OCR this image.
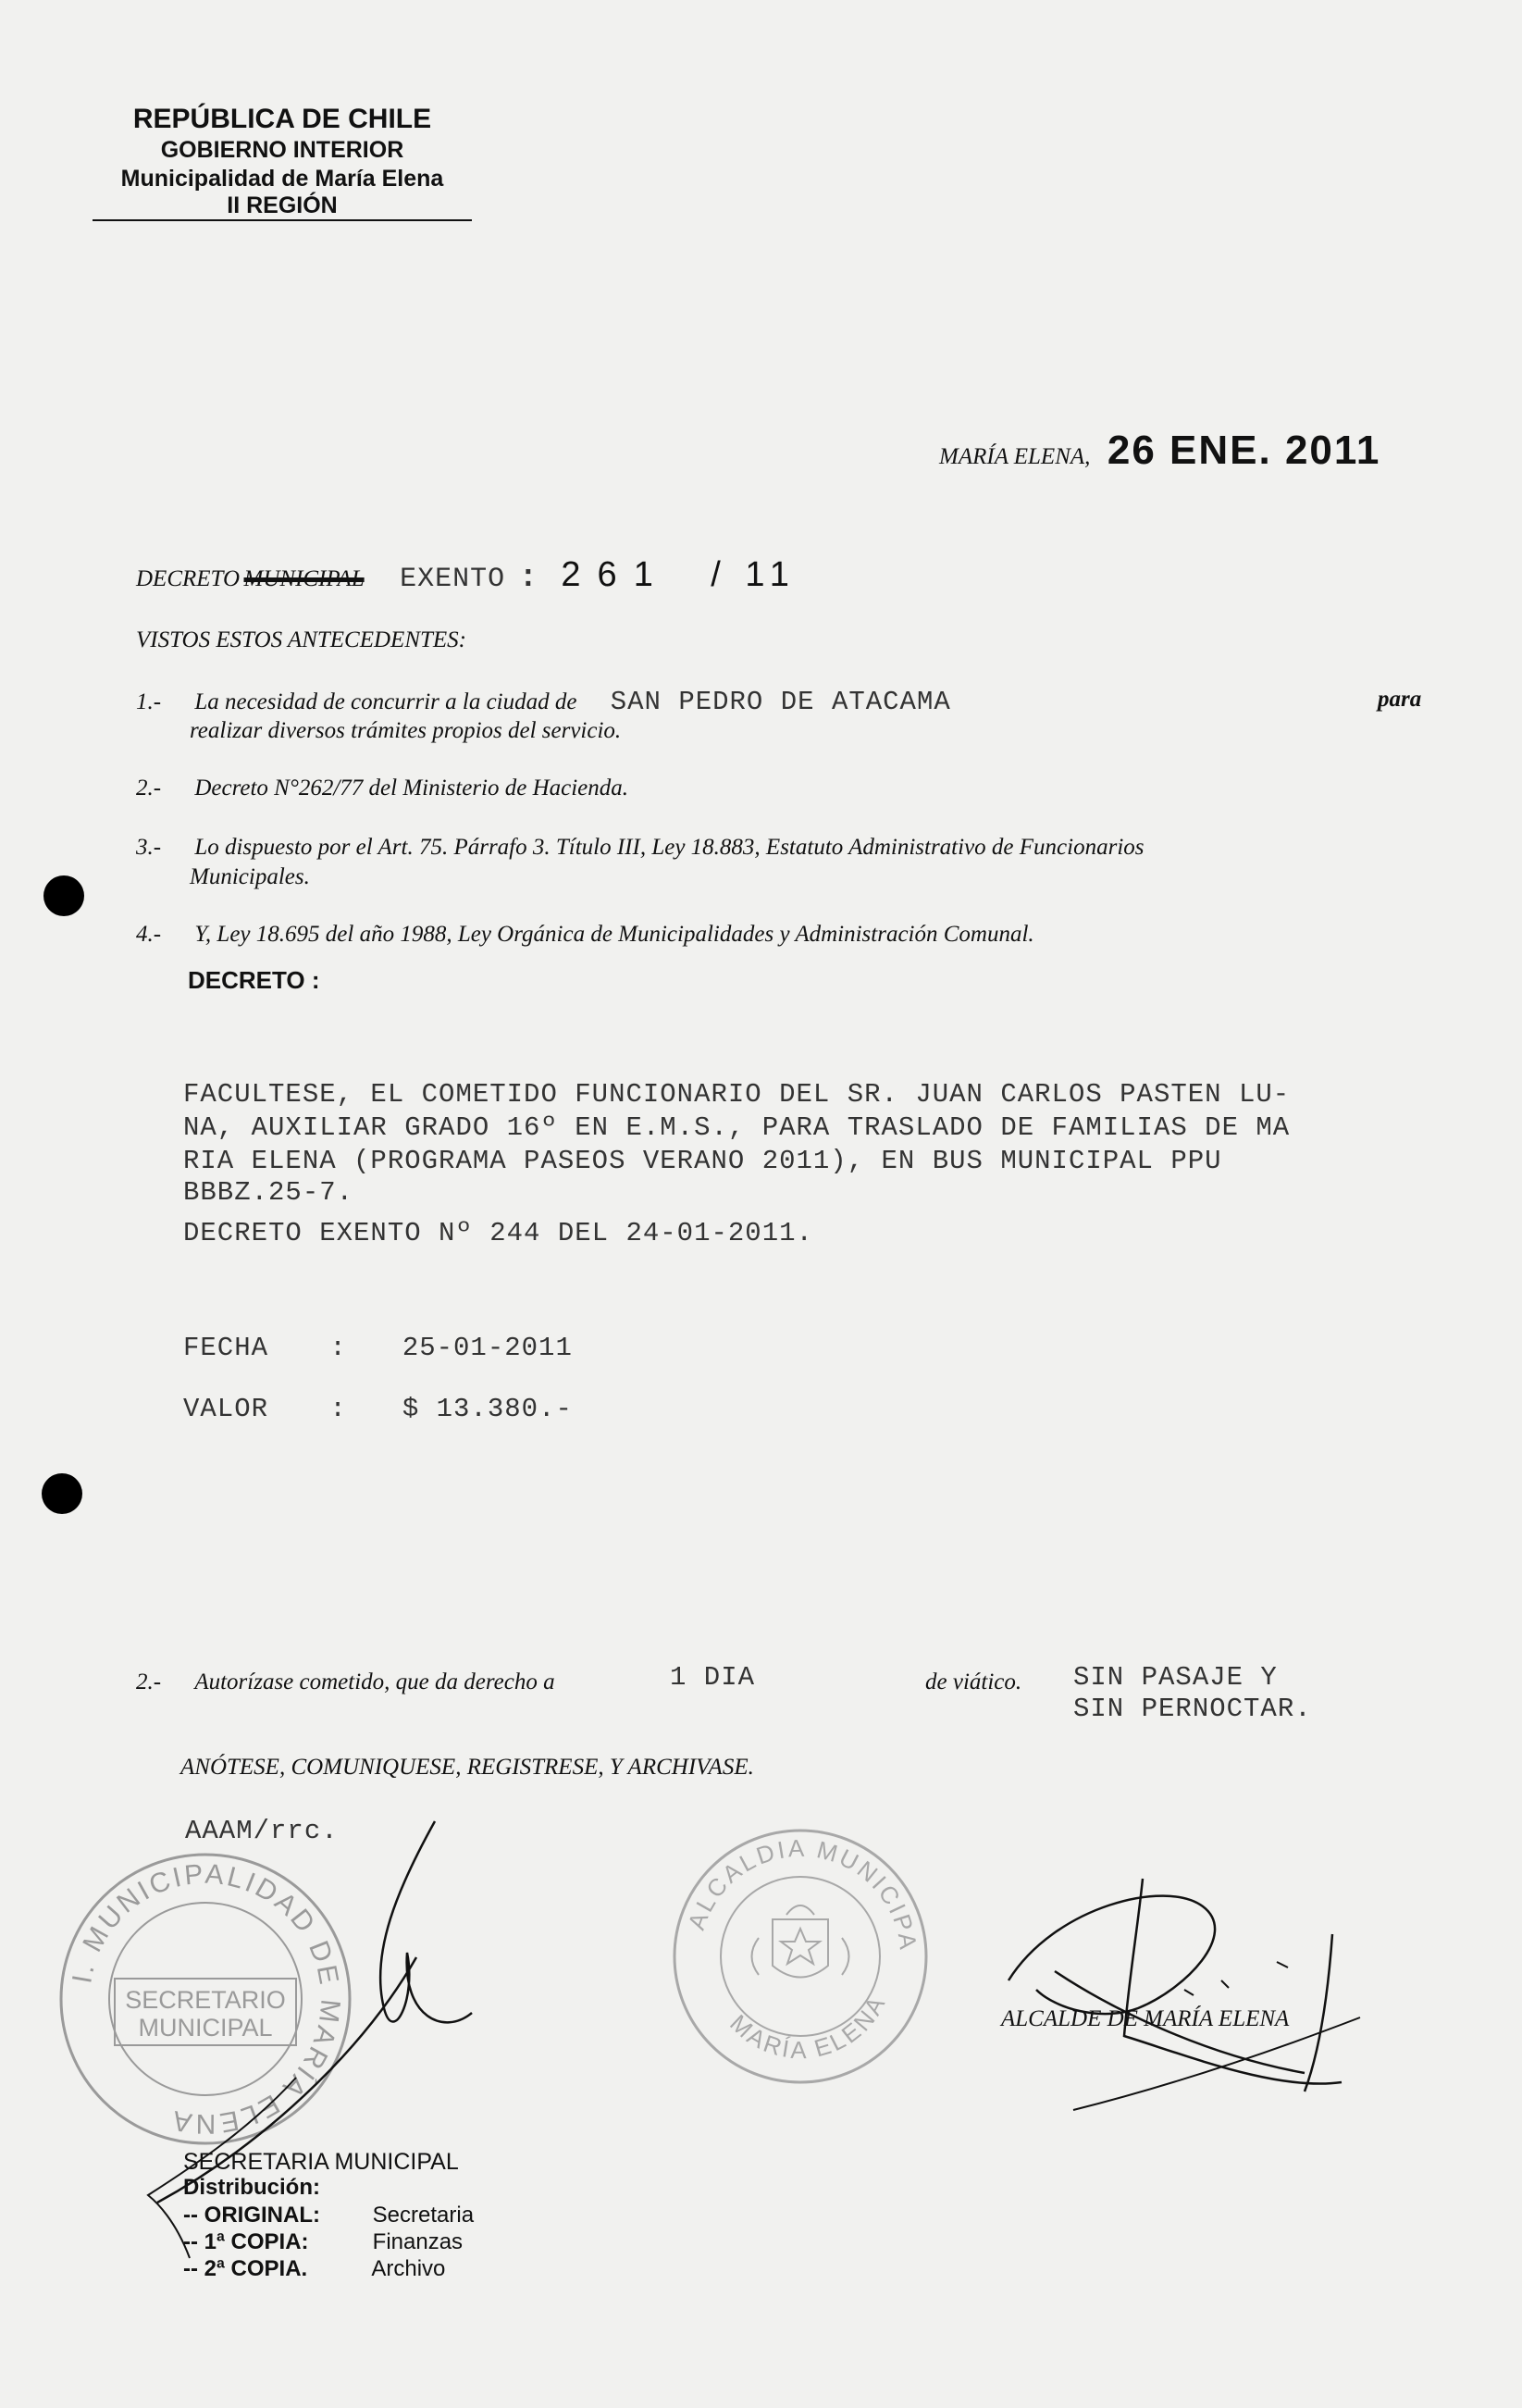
REPÚBLICA DE CHILE
GOBIERNO INTERIOR
Municipalidad de María Elena
II REGIÓN
MARÍA ELENA, 26 ENE. 2011
DECRETO MUNICIPAL EXENTO : 261 / 11
VISTOS ESTOS ANTECEDENTES:
1.- La necesidad de concurrir a la ciudad de SAN PEDRO DE ATACAMA	para
realizar diversos trámites propios del servicio.
2.- Decreto N°262/77 del Ministerio de Hacienda.
3.- Lo dispuesto por el Art. 75. Párrafo 3. Título III, Ley 18.883, Estatuto Administrativo de Funcionarios
Municipales.
4.- Y, Ley 18.695 del año 1988, Ley Orgánica de Municipalidades y Administración Comunal.
DECRETO :
FACULTESE, EL COMETIDO FUNCIONARIO DEL SR. JUAN CARLOS PASTEN LU-
NA, AUXILIAR GRADO 16º EN E.M.S., PARA TRASLADO DE FAMILIAS DE MA
RIA ELENA (PROGRAMA PASEOS VERANO 2011), EN BUS MUNICIPAL PPU
BBBZ.25-7.
DECRETO EXENTO Nº 244 DEL 24-01-2011.
FECHA : 25-01-2011
VALOR : $ 13.380.-
2.- Autorízase cometido, que da derecho a	1 DIA	de viático. SIN PASAJE Y
SIN PERNOCTAR.
ANÓTESE, COMUNIQUESE, REGISTRESE, Y ARCHIVASE.
AAAM/rrc.
I. MUNICIPALIDAD DE MARÍA ELENA
SECRETARIO
MUNICIPAL
ALCALDIA MUNICIPAL
MARÍA ELENA	ALCALDE DE MARÍA ELENA
SECRETARIA MUNICIPAL
Distribución:
-- ORIGINAL: Secretaria
-- 1ª COPIA:	Finanzas
-- 2ª COPIA.	Archivo
